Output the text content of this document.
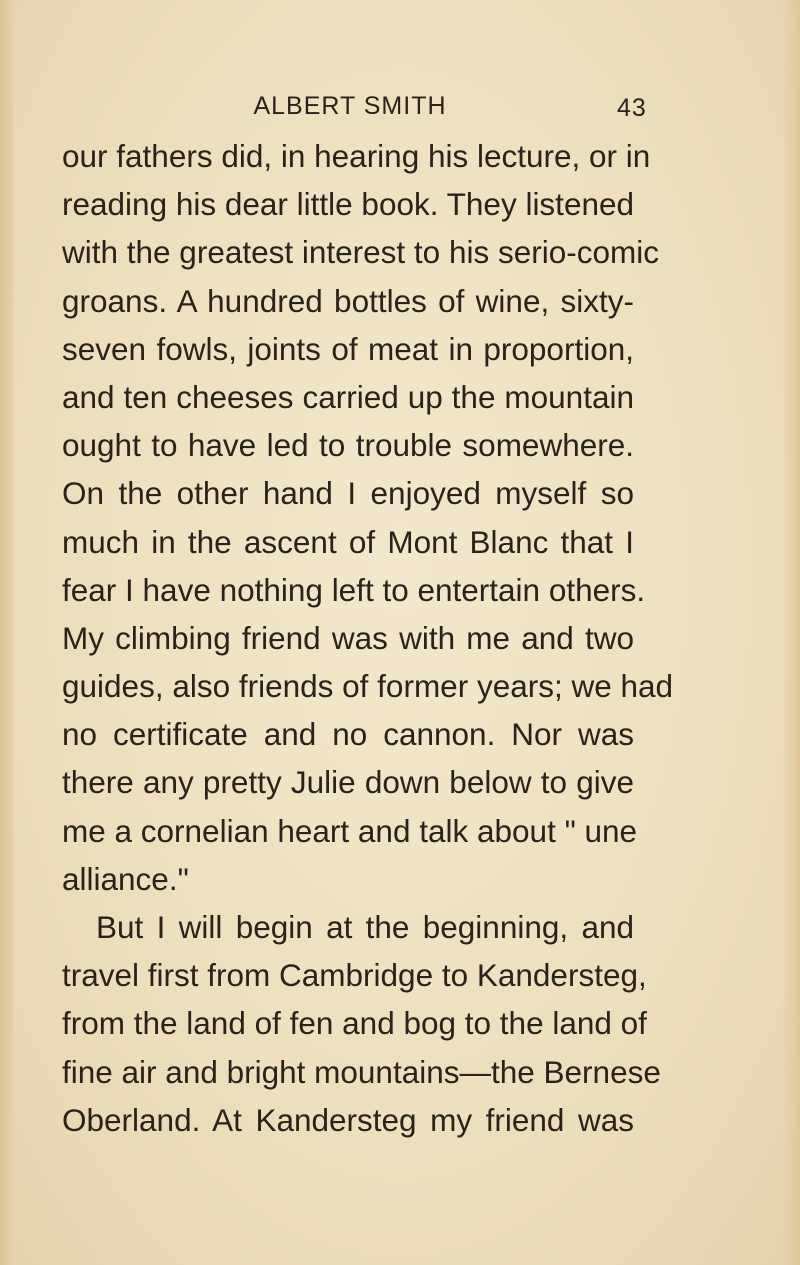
ALBERT SMITH	43
our fathers did, in hearing his lecture, or in
reading his dear little book. They listened
with the greatest interest to his serio-comic
groans. A hundred bottles of wine, sixty-
seven fowls, joints of meat in proportion,
and ten cheeses carried up the mountain
ought to have led to trouble somewhere.
On the other hand I enjoyed myself so
much in the ascent of Mont Blanc that I
fear I have nothing left to entertain others.
My climbing friend was with me and two
guides, also friends of former years; we had
no certificate and no cannon. Nor was
there any pretty Julie down below to give
me a cornelian heart and talk about " une
alliance."
But I will begin at the beginning, and
travel first from Cambridge to Kandersteg,
from the land of fen and bog to the land of
fine air and bright mountains—the Bernese
Oberland. At Kandersteg my friend was
